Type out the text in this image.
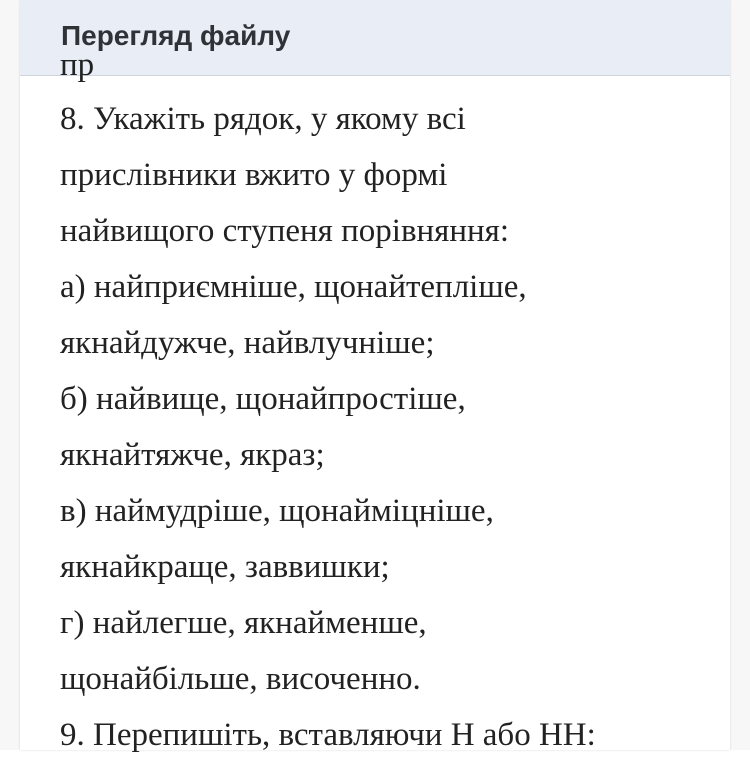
Перегляд файлу
пр
8. Укажіть рядок, у якому всі
прислівники вжито у формі
найвищого ступеня порівняння:
а) найприємніше, щонайтепліше,
якнайдужче, найвлучніше;
б) найвище, щонайпростіше,
якнайтяжче, якраз;
в) наймудріше, щонайміцніше,
якнайкраще, заввишки;
г) найлегше, якнайменше,
щонайбільше, височенно.
9. Перепишіть, вставляючи Н або НН:
